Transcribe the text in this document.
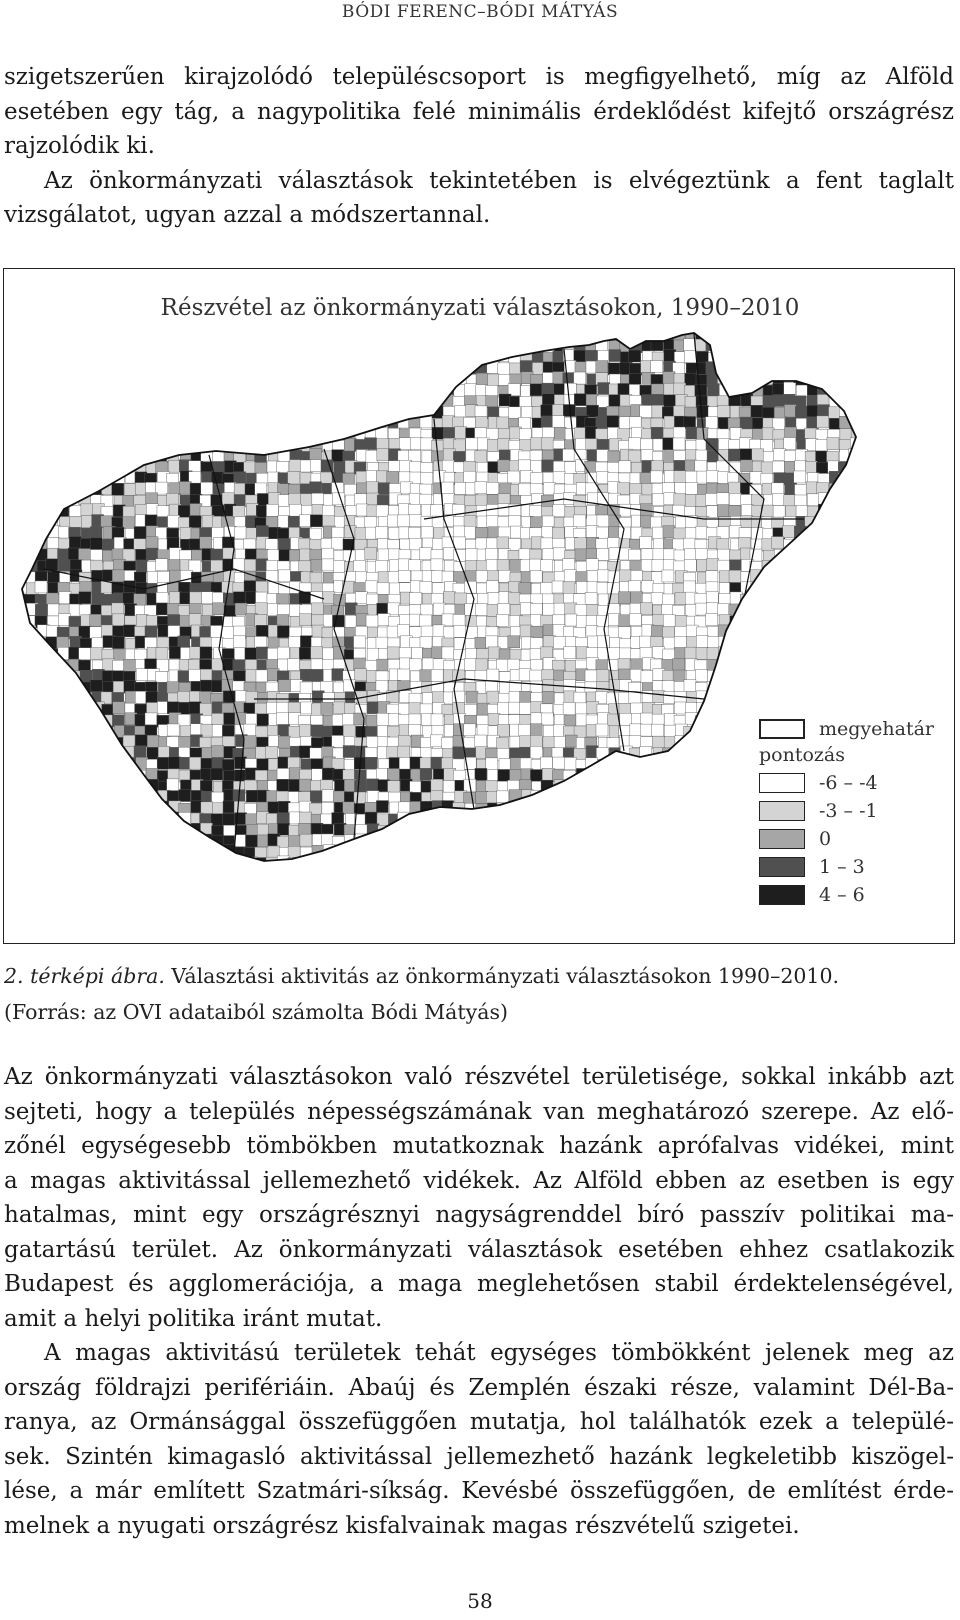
BÓDI FERENC–BÓDI MÁTYÁS

szigetszerűen kirajzolódó településcsoport is megfigyelhető, míg az Alföld
esetében egy tág, a nagypolitika felé minimális érdeklődést kifejtő országrész
rajzolódik ki.
Az önkormányzati választások tekintetében is elvégeztünk a fent taglalt
vizsgálatot, ugyan azzal a módszertannal.

Részvétel az önkormányzati választásokon, 1990–2010
megyehatár
pontozás
-6 – -4
-3 – -1
0
1 – 3
4 – 6
2. térképi ábra. Választási aktivitás az önkormányzati választásokon 1990–2010.
(Forrás: az OVI adataiból számolta Bódi Mátyás)

Az önkormányzati választásokon való részvétel területisége, sokkal inkább azt
sejteti, hogy a település népességszámának van meghatározó szerepe. Az elő-
zőnél egységesebb tömbökben mutatkoznak hazánk aprófalvas vidékei, mint
a magas aktivitással jellemezhető vidékek. Az Alföld ebben az esetben is egy
hatalmas, mint egy országrésznyi nagyságrenddel bíró passzív politikai ma-
gatartású terület. Az önkormányzati választások esetében ehhez csatlakozik
Budapest és agglomerációja, a maga meglehetősen stabil érdektelenségével,
amit a helyi politika iránt mutat.

A magas aktivitású területek tehát egységes tömbökként jelenek meg az
ország földrajzi perifériáin. Abaúj és Zemplén északi része, valamint Dél-Ba-
ranya, az Ormánsággal összefüggően mutatja, hol találhatók ezek a települé-
sek. Szintén kimagasló aktivitással jellemezhető hazánk legkeletibb kiszögel-
lése, a már említett Szatmári-síkság. Kevésbé összefüggően, de említést érde-
melnek a nyugati országrész kisfalvainak magas részvételű szigetei.

58
